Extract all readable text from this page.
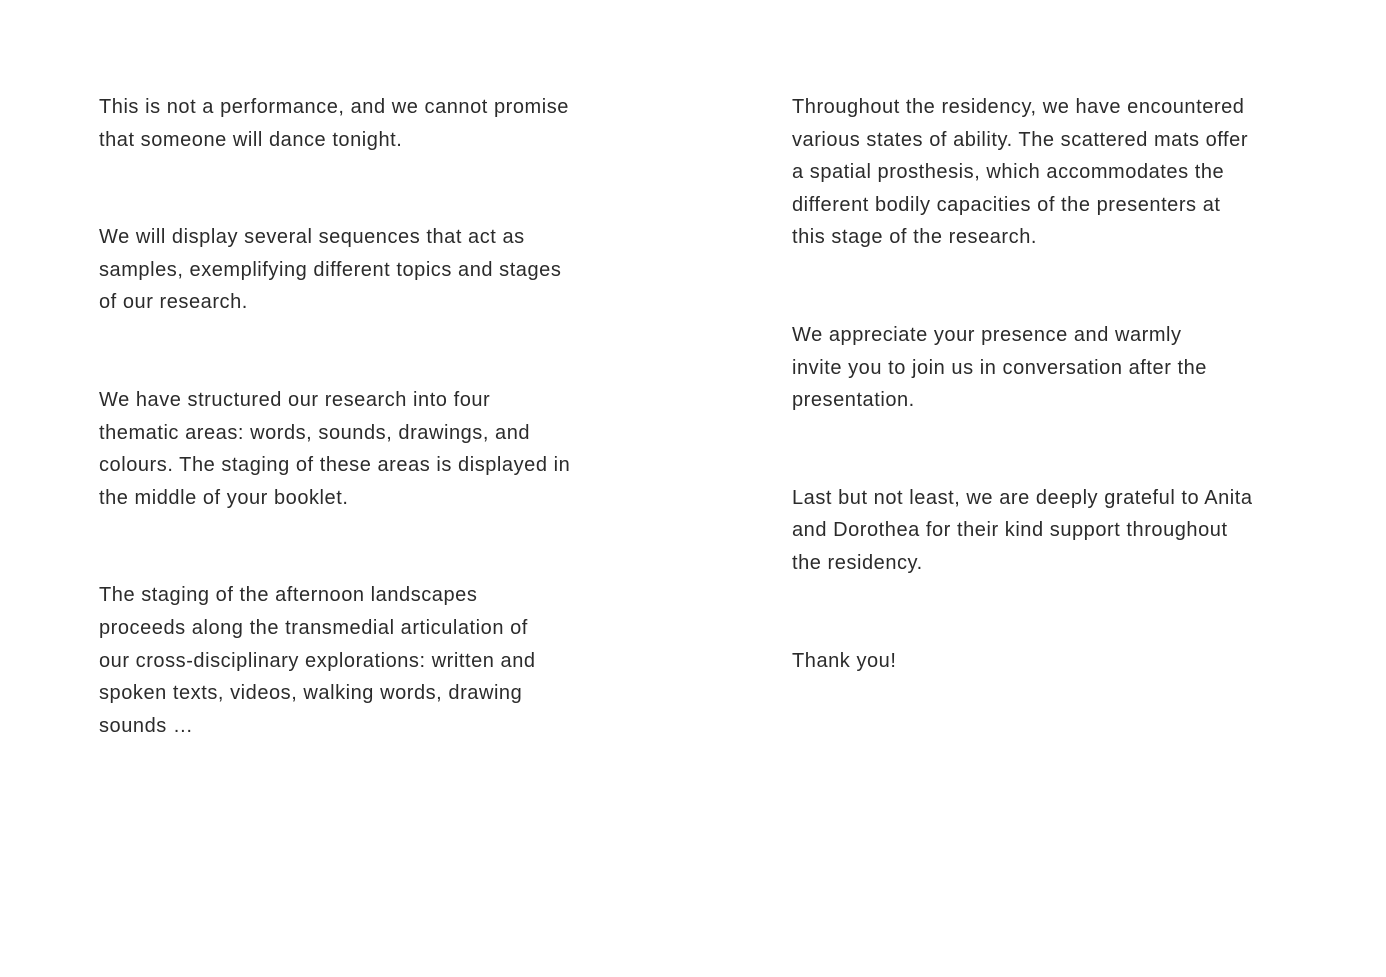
This is not a performance, and we cannot promise
that someone will dance tonight.

We will display several sequences that act as
samples, exemplifying different topics and stages
of our research.

We have structured our research into four
thematic areas: words, sounds, drawings, and
colours. The staging of these areas is displayed in
the middle of your booklet.

The staging of the afternoon landscapes
proceeds along the transmedial articulation of
our cross-disciplinary explorations: written and
spoken texts, videos, walking words, drawing
sounds …

Throughout the residency, we have encountered
various states of ability. The scattered mats offer
a spatial prosthesis, which accommodates the
different bodily capacities of the presenters at
this stage of the research.

We appreciate your presence and warmly
invite you to join us in conversation after the
presentation.

Last but not least, we are deeply grateful to Anita
and Dorothea for their kind support throughout
the residency.

Thank you!
